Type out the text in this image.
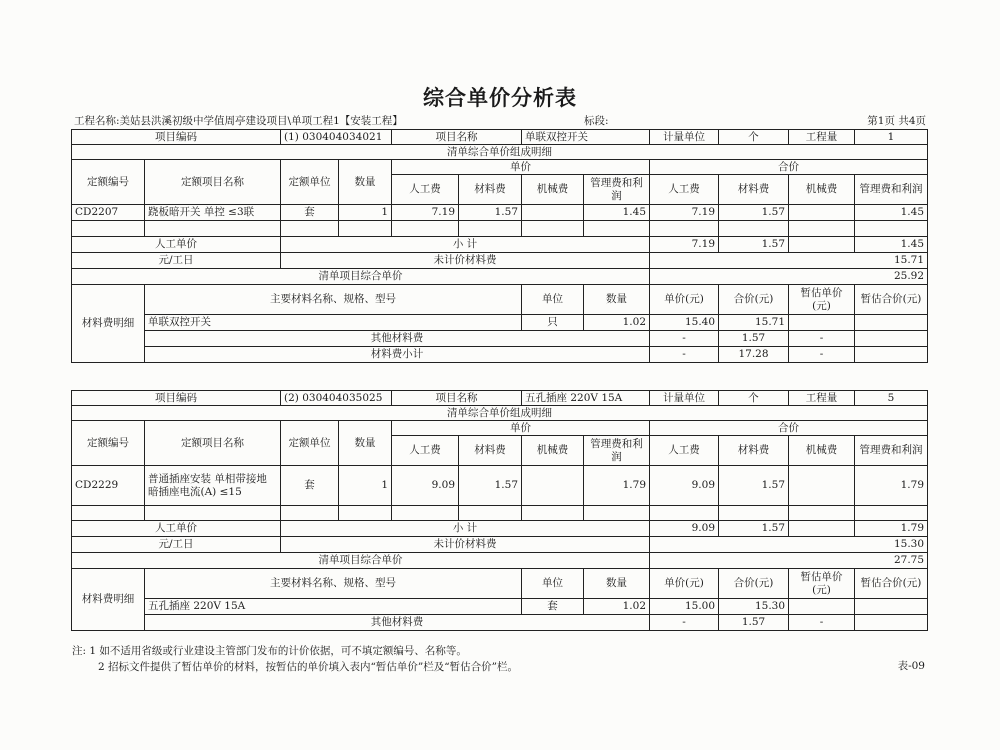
综合单价分析表
工程名称:美姑县洪溪初级中学值周亭建设项目\单项工程1【安装工程】	标段:	第1页 共4页
项目编码		(1) 030404034021		项目名称		单联双控开关		计量单位	个	工程量	1
清单综合单价组成明细											
定额编号	定额项目名称	定额单位	数量	单价				合价			
				人工费	材料费	机械费	管理费和利润	人工费	材料费	机械费	管理费和利润
CD2207	跷板暗开关 单控 ≤3联	套	1	7.19	1.57		1.45	7.19	1.57		1.45

人工单价		小 计						7.19	1.57		1.45
元/工日		未计价材料费						15.71			
清单项目综合单价								25.92			
材料费明细	主要材料名称、规格、型号					单位	数量	单价(元)	合价(元)	暂估单价(元)	暂估合价(元)
	单联双控开关					只	1.02	15.40	15.71		
	其他材料费							-	1.57	-	
	材料费小计							-	17.28	-	
项目编码		(2) 030404035025		项目名称		五孔插座 220V 15A		计量单位	个	工程量	5
清单综合单价组成明细											
定额编号	定额项目名称	定额单位	数量	单价				合价			
				人工费	材料费	机械费	管理费和利润	人工费	材料费	机械费	管理费和利润
CD2229	普通插座安装 单相带接地暗插座电流(A) ≤15	套	1	9.09	1.57		1.79	9.09	1.57		1.79

人工单价		小 计						9.09	1.57		1.79
元/工日		未计价材料费						15.30			
清单项目综合单价								27.75			
材料费明细	主要材料名称、规格、型号					单位	数量	单价(元)	合价(元)	暂估单价(元)	暂估合价(元)
	五孔插座 220V 15A					套	1.02	15.00	15.30		
	其他材料费							-	1.57	-	
注: 1 如不适用省级或行业建设主管部门发布的计价依据，可不填定额编号、名称等。
2 招标文件提供了暂估单价的材料，按暂估的单价填入表内“暂估单价”栏及“暂估合价”栏。	表-09
